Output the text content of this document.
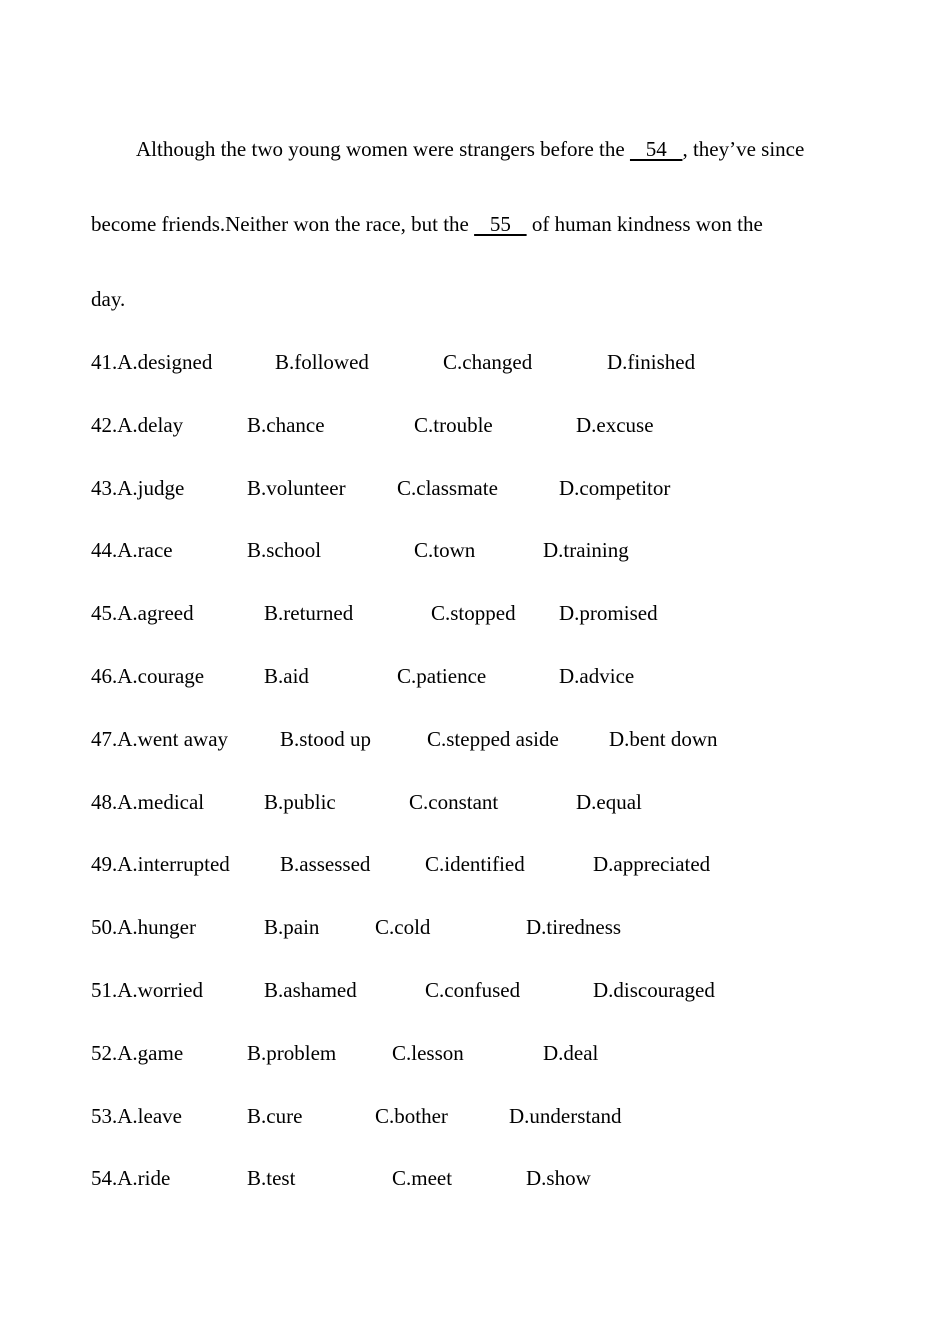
Although the two young women were strangers before the    54   , they’ve since
become friends.Neither won the race, but the    55    of human kindness won the
day.
41.A.designed	B.followed	C.changed	D.finished
42.A.delay	B.chance	C.trouble	D.excuse
43.A.judge	B.volunteer C.classmate	D.competitor
44.A.race	B.school	C.town	D.training
45.A.agreed	B.returned	C.stopped D.promised
46.A.courage	B.aid	C.patience	D.advice
47.A.went away B.stood up	C.stepped aside D.bent down
48.A.medical	B.public	C.constant	D.equal
49.A.interrupted B.assessed	C.identified	D.appreciated
50.A.hunger	B.pain	C.cold	D.tiredness
51.A.worried	B.ashamed	C.confused	D.discouraged
52.A.game	B.problem	C.lesson	D.deal
53.A.leave	B.cure	C.bother	D.understand
54.A.ride	B.test	C.meet	D.show
